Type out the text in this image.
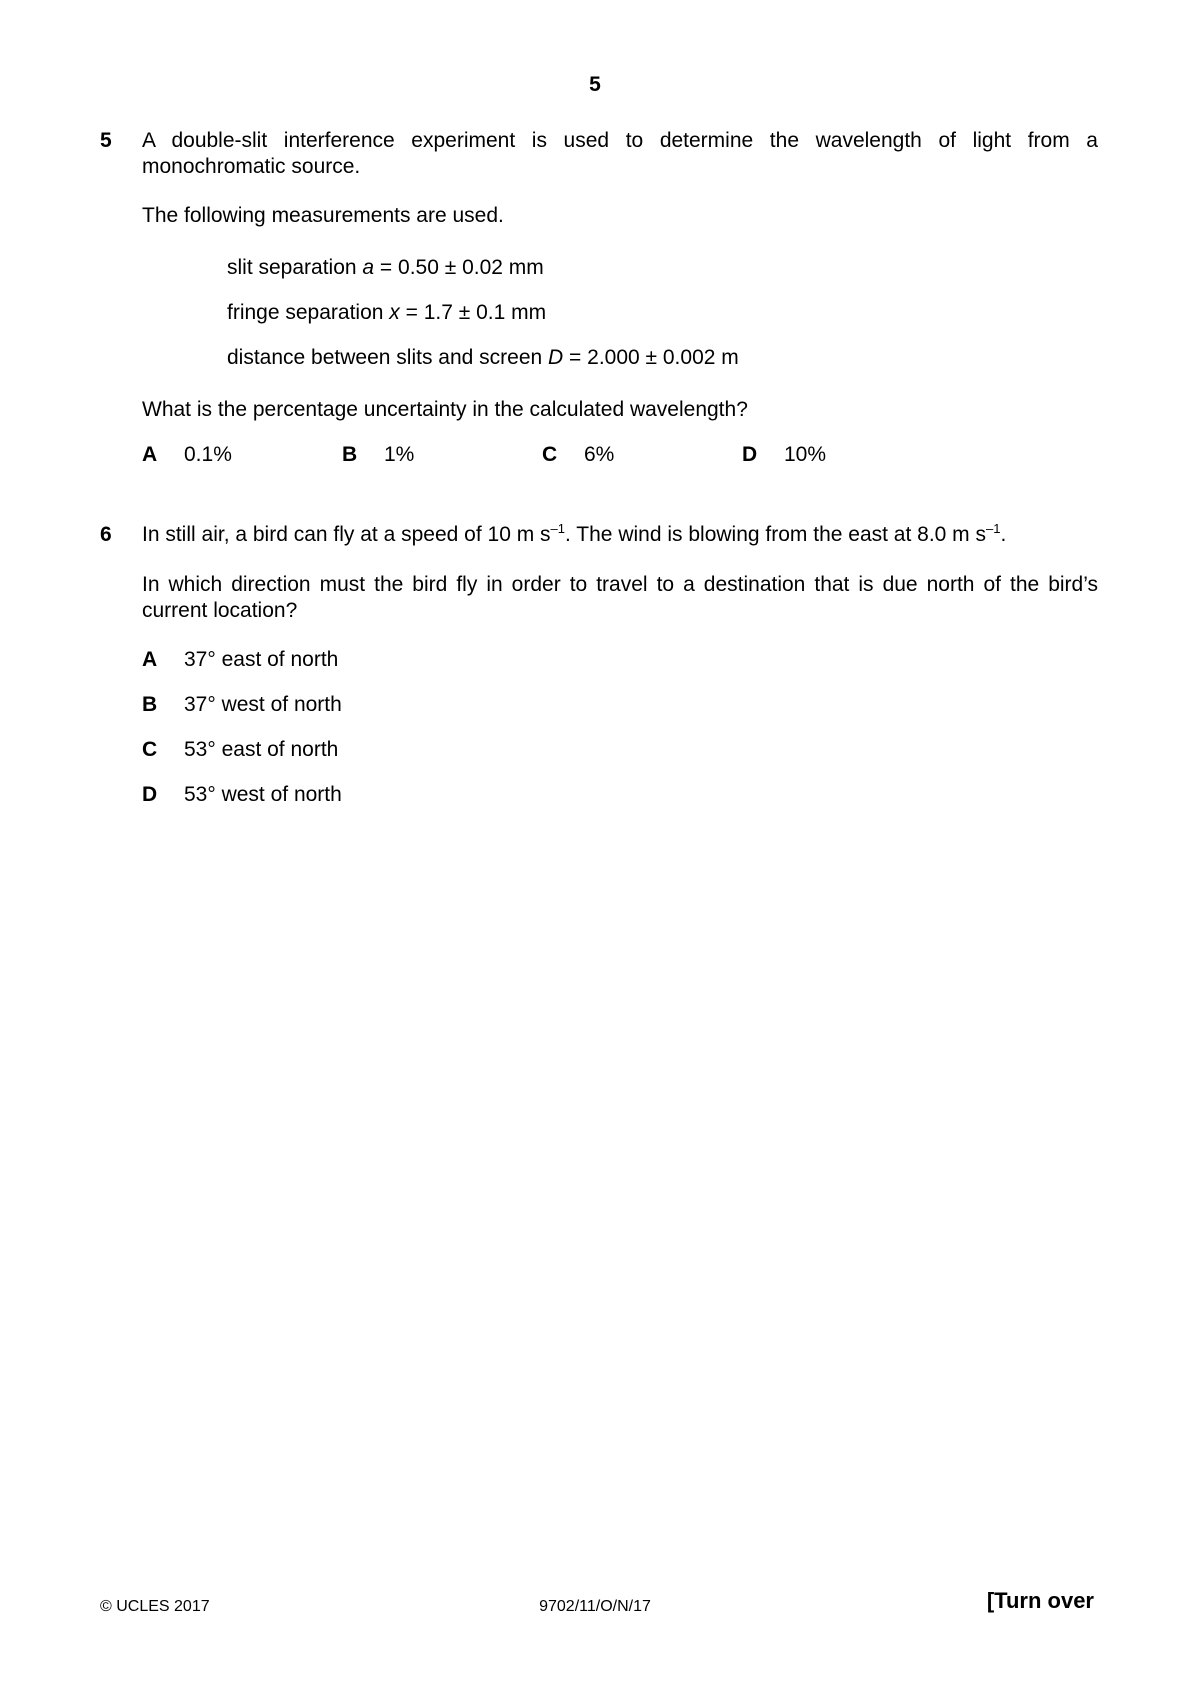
5
5 A double-slit interference experiment is used to determine the wavelength of light from a monochromatic source.
The following measurements are used.
slit separation a = 0.50 ± 0.02 mm
fringe separation x = 1.7 ± 0.1 mm
distance between slits and screen D = 2.000 ± 0.002 m
What is the percentage uncertainty in the calculated wavelength?
A 0.1%	B 1%	C 6%	D 10%
6 In still air, a bird can fly at a speed of 10 m $s^{-1}$. The wind is blowing from the east at 8.0 m $s^{-1}$.
In which direction must the bird fly in order to travel to a destination that is due north of the bird’s current location?
A 37° east of north
B 37° west of north
C 53° east of north
D 53° west of north
© UCLES 2017	9702/11/O/N/17	[Turn over
